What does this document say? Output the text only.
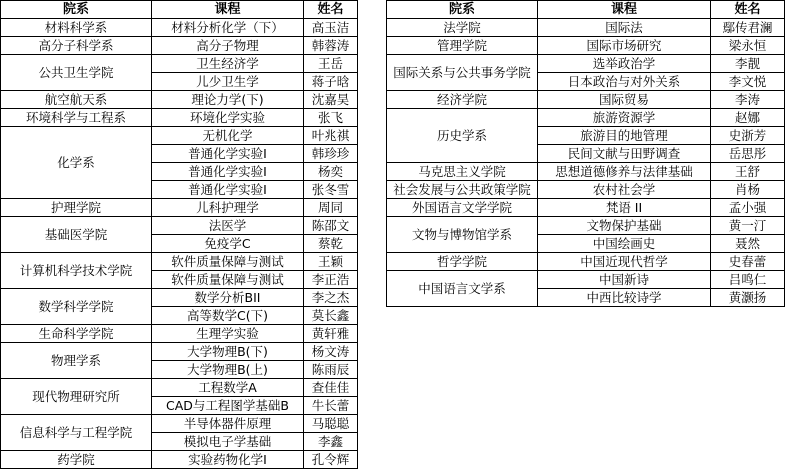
院系	课程	姓名
材料科学系	材料分析化学（下）	高玉洁
高分子科学系	高分子物理	韩蓉涛
公共卫生学院	卫生经济学	王岳
	儿少卫生学	蒋子晗
航空航天系	理论力学(下)	沈嘉昊
环境科学与工程系	环境化学实验	张飞
化学系	无机化学	叶兆祺
	普通化学实验I	韩珍珍
	普通化学实验I	杨奕
	普通化学实验I	张冬雪
护理学院	儿科护理学	周同
基础医学院	法医学	陈邵文
	免疫学C	蔡乾
计算机科学技术学院	软件质量保障与测试	王颖
	软件质量保障与测试	李正浩
数学科学学院	数学分析BII	李之杰
	高等数学C(下)	莫长鑫
生命科学学院	生理学实验	黄轩雅
物理学系	大学物理B(下)	杨文涛
	大学物理B(上)	陈雨辰
现代物理研究所	工程数学A	查佳佳
	CAD与工程图学基础B	牛长蕾
信息科学与工程学院	半导体器件原理	马聪聪
	模拟电子学基础	李鑫
药学院	实验药物化学I	孔令辉
院系	课程	姓名
法学院	国际法	鄢传君澜
管理学院	国际市场研究	梁永恒
国际关系与公共事务学院	选举政治学	李靓
	日本政治与对外关系	李文悦
经济学院	国际贸易	李涛
历史学系	旅游资源学	赵娜
	旅游目的地管理	史浙芳
	民间文献与田野调查	岳思彤
马克思主义学院	思想道德修养与法律基础	王舒
社会发展与公共政策学院	农村社会学	肖杨
外国语言文学学院	梵语 II	孟小强
文物与博物馆学系	文物保护基础	黄一汀
	中国绘画史	聂然
哲学学院	中国近现代哲学	史春蕾
中国语言文学系	中国新诗	吕鸣仁
	中西比较诗学	黄灏扬
